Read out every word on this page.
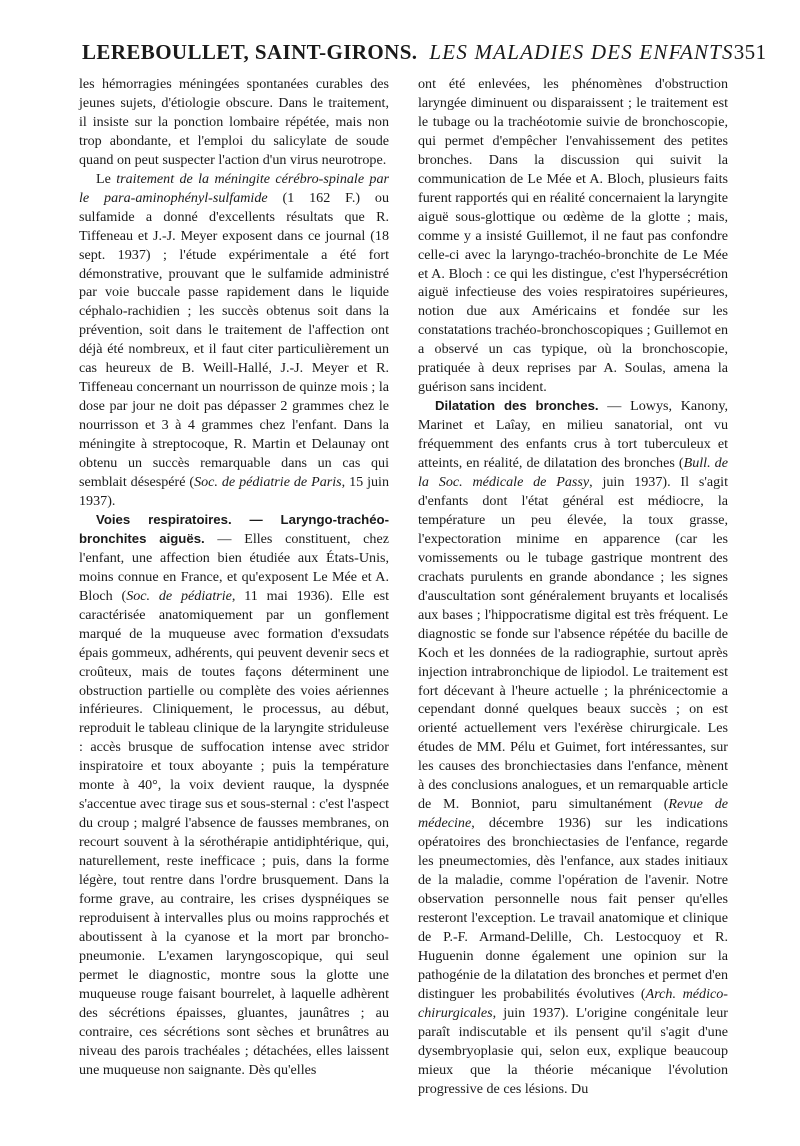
LEREBOULLET, SAINT-GIRONS. LES MALADIES DES ENFANTS 351

les hémorragies méningées spontanées curables des jeunes sujets, d'étiologie obscure. Dans le traitement, il insiste sur la ponction lombaire répétée, mais non trop abondante, et l'emploi du salicylate de soude quand on peut suspecter l'action d'un virus neurotrope.

Le traitement de la méningite cérébro-spinale par le para-aminophényl-sulfamide (1 162 F.) ou sulfamide a donné d'excellents résultats que R. Tiffeneau et J.-J. Meyer exposent dans ce journal (18 sept. 1937) ; l'étude expérimentale a été fort démonstrative, prouvant que le sulfamide administré par voie buccale passe rapidement dans le liquide céphalo-rachidien ; les succès obtenus soit dans la prévention, soit dans le traitement de l'affection ont déjà été nombreux, et il faut citer particulièrement un cas heureux de B. Weill-Hallé, J.-J. Meyer et R. Tiffeneau concernant un nourrisson de quinze mois ; la dose par jour ne doit pas dépasser 2 grammes chez le nourrisson et 3 à 4 grammes chez l'enfant. Dans la méningite à streptocoque, R. Martin et Delaunay ont obtenu un succès remarquable dans un cas qui semblait désespéré (Soc. de pédiatrie de Paris, 15 juin 1937).

Voies respiratoires. — Laryngo-trachéo-bronchites aiguës. — Elles constituent, chez l'enfant, une affection bien étudiée aux États-Unis, moins connue en France, et qu'exposent Le Mée et A. Bloch (Soc. de pédiatrie, 11 mai 1936). Elle est caractérisée anatomiquement par un gonflement marqué de la muqueuse avec formation d'exsudats épais gommeux, adhérents, qui peuvent devenir secs et croûteux, mais de toutes façons déterminent une obstruction partielle ou complète des voies aériennes inférieures. Cliniquement, le processus, au début, reproduit le tableau clinique de la laryngite striduleuse : accès brusque de suffocation intense avec stridor inspiratoire et toux aboyante ; puis la température monte à 40°, la voix devient rauque, la dyspnée s'accentue avec tirage sus et sous-sternal : c'est l'aspect du croup ; malgré l'absence de fausses membranes, on recourt souvent à la sérothérapie antidiphtérique, qui, naturellement, reste inefficace ; puis, dans la forme légère, tout rentre dans l'ordre brusquement. Dans la forme grave, au contraire, les crises dyspnéiques se reproduisent à intervalles plus ou moins rapprochés et aboutissent à la cyanose et la mort par broncho-pneumonie. L'examen laryngoscopique, qui seul permet le diagnostic, montre sous la glotte une muqueuse rouge faisant bourrelet, à laquelle adhèrent des sécrétions épaisses, gluantes, jaunâtres ; au contraire, ces sécrétions sont sèches et brunâtres au niveau des parois trachéales ; détachées, elles laissent une muqueuse non saignante. Dès qu'elles

ont été enlevées, les phénomènes d'obstruction laryngée diminuent ou disparaissent ; le traitement est le tubage ou la trachéotomie suivie de bronchoscopie, qui permet d'empêcher l'envahissement des petites bronches. Dans la discussion qui suivit la communication de Le Mée et A. Bloch, plusieurs faits furent rapportés qui en réalité concernaient la laryngite aiguë sous-glottique ou œdème de la glotte ; mais, comme y a insisté Guillemot, il ne faut pas confondre celle-ci avec la laryngo-trachéo-bronchite de Le Mée et A. Bloch : ce qui les distingue, c'est l'hypersécrétion aiguë infectieuse des voies respiratoires supérieures, notion due aux Américains et fondée sur les constatations trachéo-bronchoscopiques ; Guillemot en a observé un cas typique, où la bronchoscopie, pratiquée à deux reprises par A. Soulas, amena la guérison sans incident.

Dilatation des bronches. — Lowys, Kanony, Marinet et Laîay, en milieu sanatorial, ont vu fréquemment des enfants crus à tort tuberculeux et atteints, en réalité, de dilatation des bronches (Bull. de la Soc. médicale de Passy, juin 1937). Il s'agit d'enfants dont l'état général est médiocre, la température un peu élevée, la toux grasse, l'expectoration minime en apparence (car les vomissements ou le tubage gastrique montrent des crachats purulents en grande abondance ; les signes d'auscultation sont généralement bruyants et localisés aux bases ; l'hippocratisme digital est très fréquent. Le diagnostic se fonde sur l'absence répétée du bacille de Koch et les données de la radiographie, surtout après injection intrabronchique de lipiodol. Le traitement est fort décevant à l'heure actuelle ; la phrénicectomie a cependant donné quelques beaux succès ; on est orienté actuellement vers l'exérèse chirurgicale. Les études de MM. Pélu et Guimet, fort intéressantes, sur les causes des bronchiectasies dans l'enfance, mènent à des conclusions analogues, et un remarquable article de M. Bonniot, paru simultanément (Revue de médecine, décembre 1936) sur les indications opératoires des bronchiectasies de l'enfance, regarde les pneumectomies, dès l'enfance, aux stades initiaux de la maladie, comme l'opération de l'avenir. Notre observation personnelle nous fait penser qu'elles resteront l'exception. Le travail anatomique et clinique de P.-F. Armand-Delille, Ch. Lestocquoy et R. Huguenin donne également une opinion sur la pathogénie de la dilatation des bronches et permet d'en distinguer les probabilités évolutives (Arch. médico-chirurgicales, juin 1937). L'origine congénitale leur paraît indiscutable et ils pensent qu'il s'agit d'une dysembryoplasie qui, selon eux, explique beaucoup mieux que la théorie mécanique l'évolution progressive de ces lésions. Du
